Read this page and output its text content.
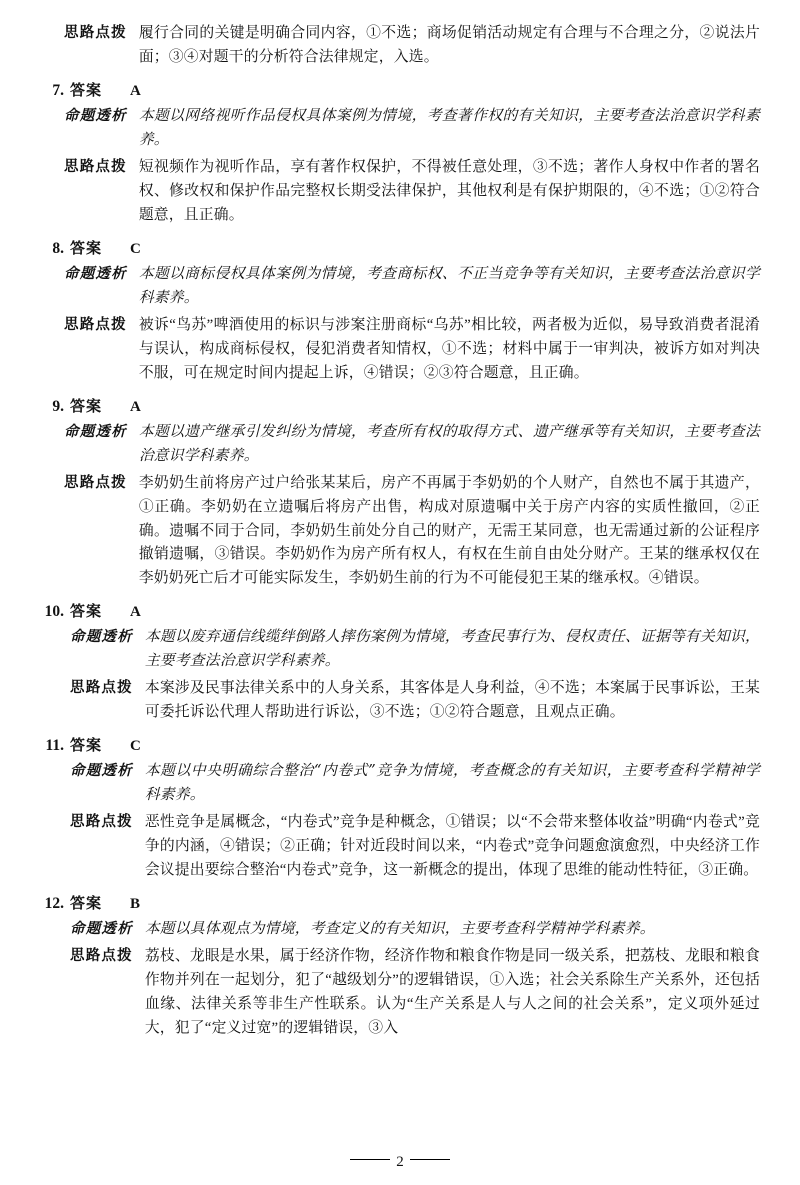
思路点拨 履行合同的关键是明确合同内容，①不选；商场促销活动规定有合理与不合理之分，②说法片面；③④对题干的分析符合法律规定，入选。
7. 答案 A
命题透析 本题以网络视听作品侵权具体案例为情境，考查著作权的有关知识，主要考查法治意识学科素养。
思路点拨 短视频作为视听作品，享有著作权保护，不得被任意处理，③不选；著作人身权中作者的署名权、修改权和保护作品完整权长期受法律保护，其他权利是有保护期限的，④不选；①②符合题意，且正确。
8. 答案 C
命题透析 本题以商标侵权具体案例为情境，考查商标权、不正当竞争等有关知识，主要考查法治意识学科素养。
思路点拨 被诉“鸟苏”啤酒使用的标识与涉案注册商标“乌苏”相比较，两者极为近似，易导致消费者混淆与误认，构成商标侵权，侵犯消费者知情权，①不选；材料中属于一审判决，被诉方如对判决不服，可在规定时间内提起上诉，④错误；②③符合题意，且正确。
9. 答案 A
命题透析 本题以遗产继承引发纠纷为情境，考查所有权的取得方式、遗产继承等有关知识，主要考查法治意识学科素养。
思路点拨 李奶奶生前将房产过户给张某某后，房产不再属于李奶奶的个人财产，自然也不属于其遗产，①正确。李奶奶在立遗嘱后将房产出售，构成对原遗嘱中关于房产内容的实质性撤回，②正确。遗嘱不同于合同，李奶奶生前处分自己的财产，无需王某同意，也无需通过新的公证程序撤销遗嘱，③错误。李奶奶作为房产所有权人，有权在生前自由处分财产。王某的继承权仅在李奶奶死亡后才可能实际发生，李奶奶生前的行为不可能侵犯王某的继承权。④错误。
10. 答案 A
命题透析 本题以废弃通信线缆绊倒路人摔伤案例为情境，考查民事行为、侵权责任、证据等有关知识，主要考查法治意识学科素养。
思路点拨 本案涉及民事法律关系中的人身关系，其客体是人身利益，④不选；本案属于民事诉讼，王某可委托诉讼代理人帮助进行诉讼，③不选；①②符合题意，且观点正确。
11. 答案 C
命题透析 本题以中央明确综合整治“内卷式”竞争为情境，考查概念的有关知识，主要考查科学精神学科素养。
思路点拨 恶性竞争是属概念，“内卷式”竞争是种概念，①错误；以“不会带来整体收益”明确“内卷式”竞争的内涵，④错误；②正确；针对近段时间以来，“内卷式”竞争问题愈演愈烈，中央经济工作会议提出要综合整治“内卷式”竞争，这一新概念的提出，体现了思维的能动性特征，③正确。
12. 答案 B
命题透析 本题以具体观点为情境，考查定义的有关知识，主要考查科学精神学科素养。
思路点拨 荔枝、龙眼是水果，属于经济作物，经济作物和粮食作物是同一级关系，把荔枝、龙眼和粮食作物并列在一起划分，犯了“越级划分”的逻辑错误，①入选；社会关系除生产关系外，还包括血缘、法律关系等非生产性联系。认为“生产关系是人与人之间的社会关系”，定义项外延过大，犯了“定义过宽”的逻辑错误，③入
2
